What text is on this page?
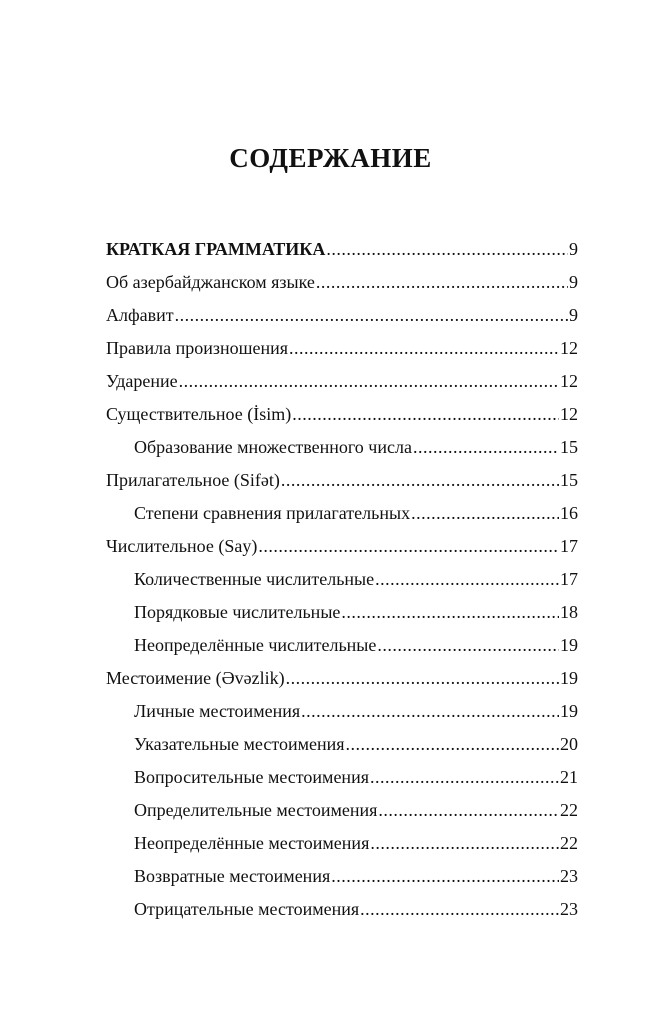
СОДЕРЖАНИЕ
КРАТКАЯ ГРАММАТИКА .....	9
Об азербайджанском языке .....	9
Алфавит .....	9
Правила произношения .....	12
Ударение .....	12
Существительное (İsim) .....	12
Образование множественного числа .....	15
Прилагательное (Sifət) .....	15
Степени сравнения прилагательных .....	16
Числительное (Say) .....	17
Количественные числительные .....	17
Порядковые числительные .....	18
Неопределённые числительные .....	19
Местоимение (Əvəzlik) .....	19
Личные местоимения .....	19
Указательные местоимения .....	20
Вопросительные местоимения .....	21
Определительные местоимения .....	22
Неопределённые местоимения .....	22
Возвратные местоимения .....	23
Отрицательные местоимения .....	23
